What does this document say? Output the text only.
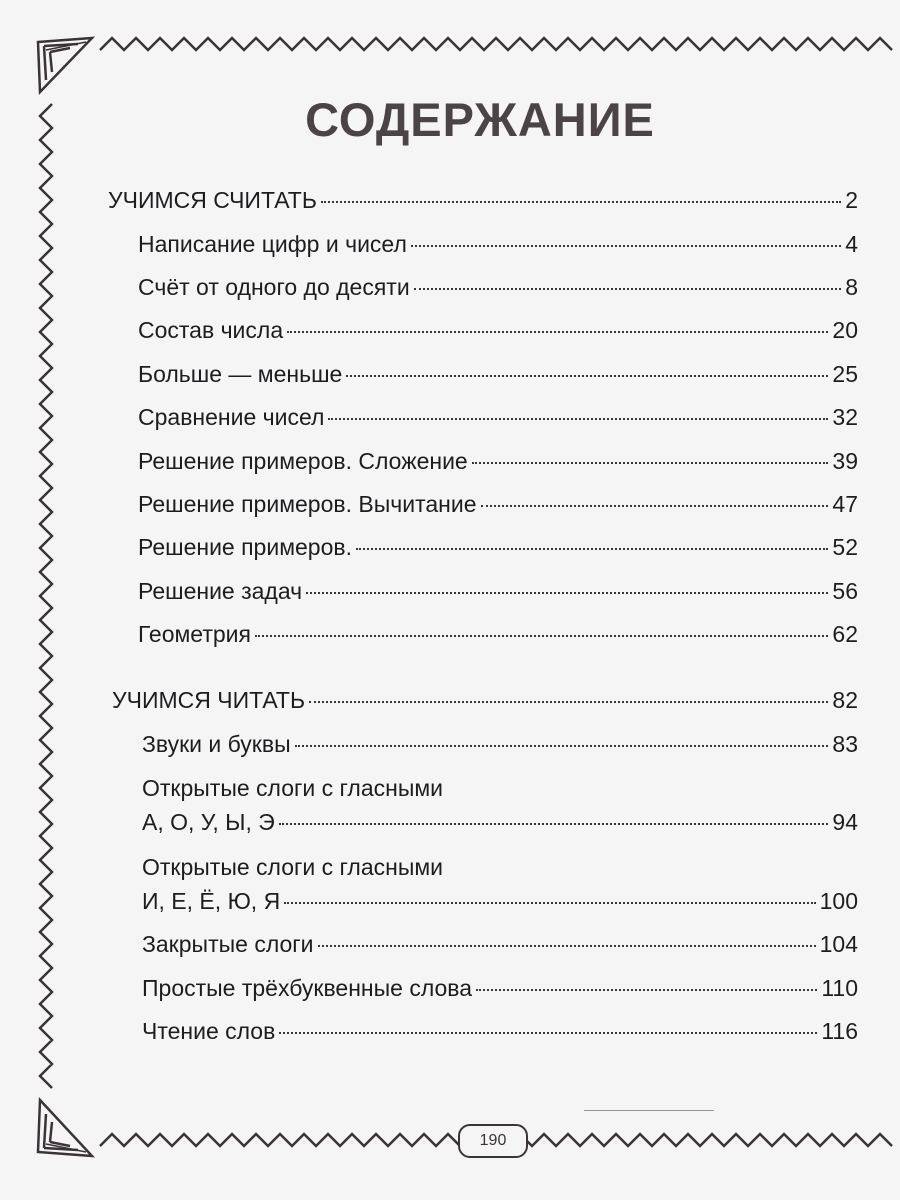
СОДЕРЖАНИЕ
УЧИМСЯ СЧИТАТЬ	2
Написание цифр и чисел	4
Счёт от одного до десяти	8
Состав числа	20
Больше — меньше	25
Сравнение чисел	32
Решение примеров. Сложение	39
Решение примеров. Вычитание	47
Решение примеров.	52
Решение задач	56
Геометрия	62
УЧИМСЯ ЧИТАТЬ	82
Звуки и буквы	83
Открытые слоги с гласными
А, О, У, Ы, Э	94
Открытые слоги с гласными
И, Е, Ё, Ю, Я	100
Закрытые слоги	104
Простые трёхбуквенные слова	110
Чтение слов	116
190
